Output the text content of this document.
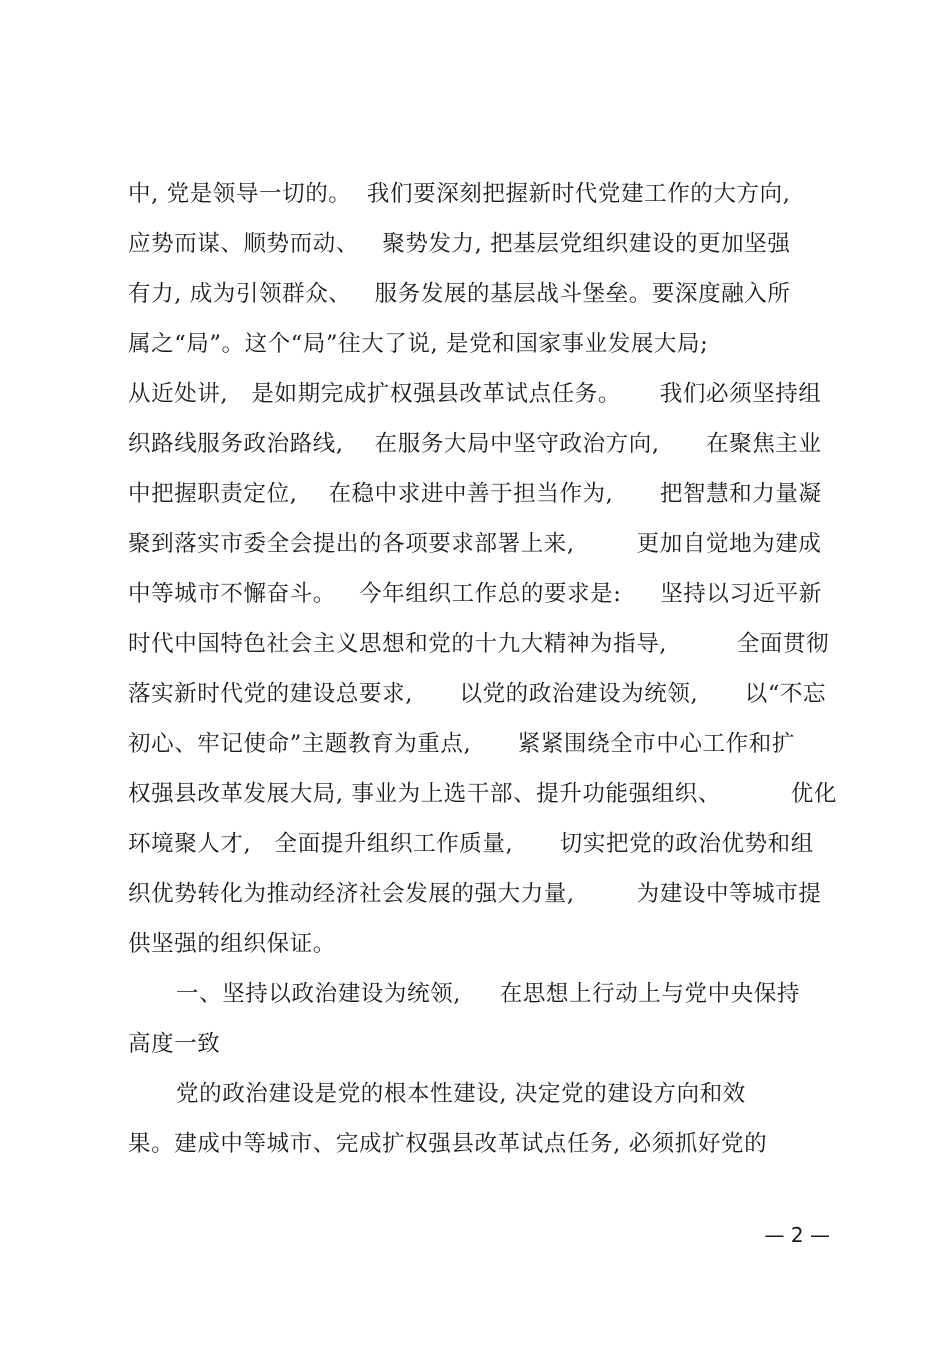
中, 党是领导一切的。  我们要深刻把握新时代党建工作的大方向,
应势而谋、顺势而动、   聚势发力, 把基层党组织建设的更加坚强
有力, 成为引领群众、   服务发展的基层战斗堡垒。要深度融入所
属之“局”。这个“局”往大了说, 是党和国家事业发展大局;
从近处讲,   是如期完成扩权强县改革试点任务。     我们必须坚持组
织路线服务政治路线,    在服务大局中坚守政治方向,      在聚焦主业
中把握职责定位,    在稳中求进中善于担当作为,      把智慧和力量凝
聚到落实市委全会提出的各项要求部署上来,        更加自觉地为建成
中等城市不懈奋斗。   今年组织工作总的要求是:     坚持以习近平新
时代中国特色社会主义思想和党的十九大精神为指导,         全面贯彻
落实新时代党的建设总要求,      以党的政治建设为统领,      以“不忘
初心、牢记使命”主题教育为重点,      紧紧围绕全市中心工作和扩
权强县改革发展大局, 事业为上选干部、提升功能强组织、         优化
环境聚人才,   全面提升组织工作质量,      切实把党的政治优势和组
织优势转化为推动经济社会发展的强大力量,        为建设中等城市提
供坚强的组织保证。
一、坚持以政治建设为统领,     在思想上行动上与党中央保持
高度一致
党的政治建设是党的根本性建设, 决定党的建设方向和效
果。建成中等城市、完成扩权强县改革试点任务, 必须抓好党的
— 2 —
